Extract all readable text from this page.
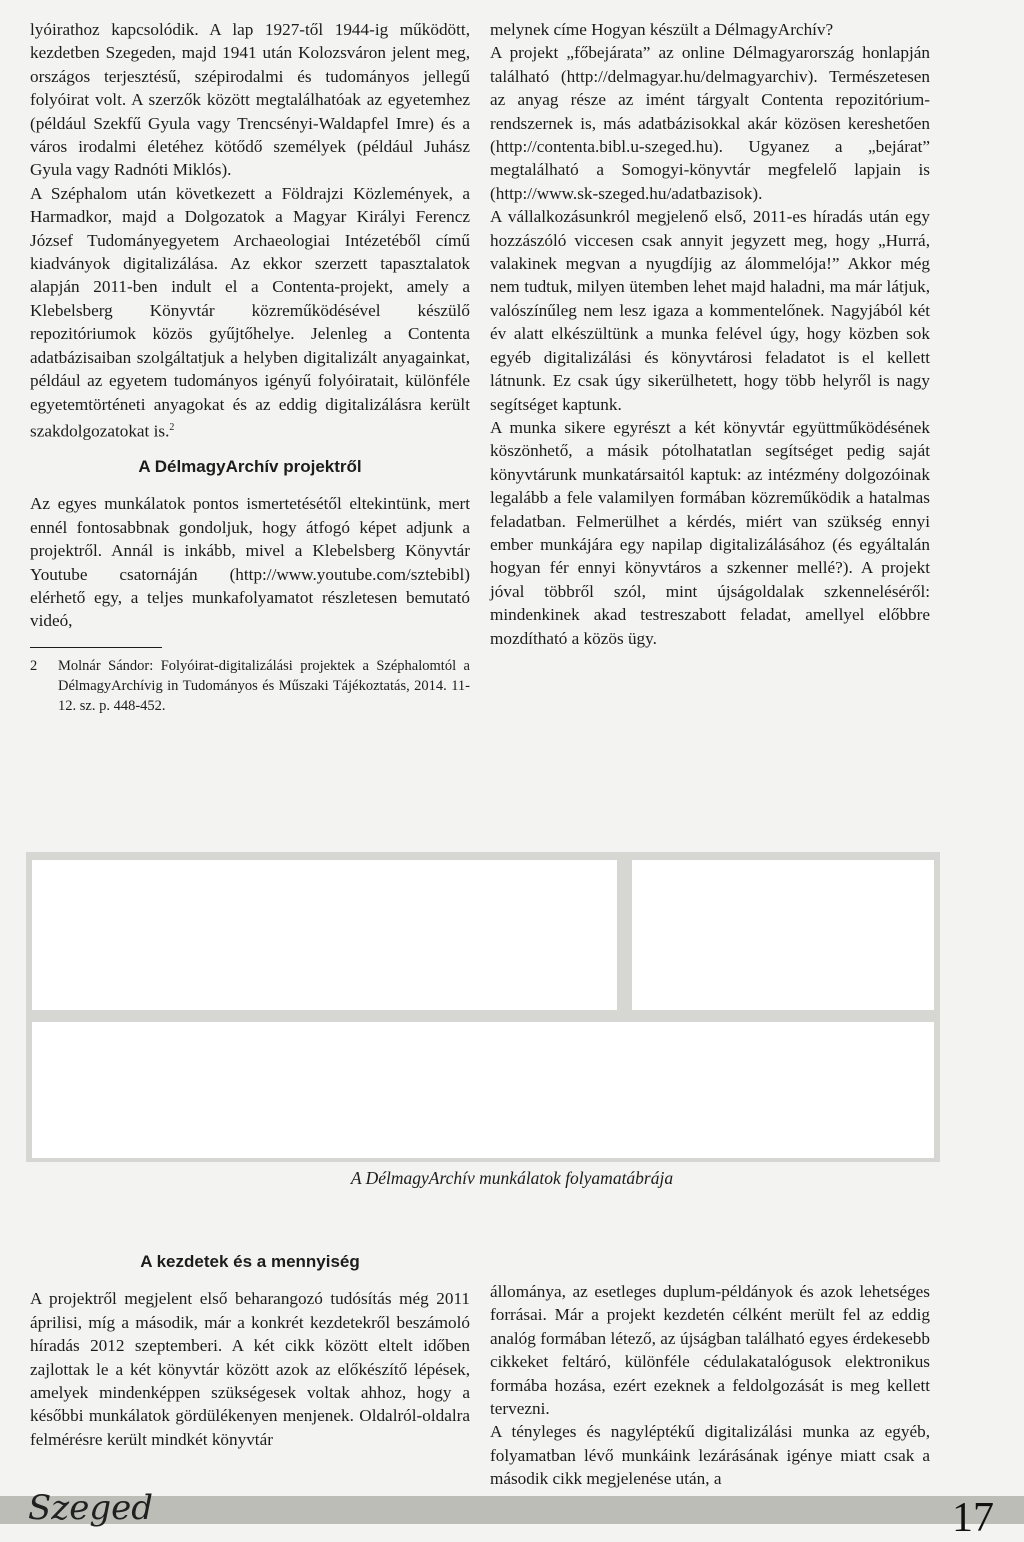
lyóirathoz kapcsolódik. A lap 1927-től 1944-ig működött, kezdetben Szegeden, majd 1941 után Kolozsváron jelent meg, országos terjesztésű, szépirodalmi és tudományos jellegű folyóirat volt. A szerzők között megtalálhatóak az egyetemhez (például Szekfű Gyula vagy Trencsényi-Waldapfel Imre) és a város irodalmi életéhez kötődő személyek (például Juhász Gyula vagy Radnóti Miklós).

A Széphalom után következett a Földrajzi Közlemények, a Harmadkor, majd a Dolgozatok a Magyar Királyi Ferencz József Tudományegyetem Archaeologiai Intézetéből című kiadványok digitalizálása. Az ekkor szerzett tapasztalatok alapján 2011-ben indult el a Contenta-projekt, amely a Klebelsberg Könyvtár közreműködésével készülő repozitóriumok közös gyűjtőhelye. Jelenleg a Contenta adatbázisaiban szolgáltatjuk a helyben digitalizált anyagainkat, például az egyetem tudományos igényű folyóiratait, különféle egyetemtörténeti anyagokat és az eddig digitalizálásra került szakdolgozatokat is.$^2$

A DélmagyArchív projektről

Az egyes munkálatok pontos ismertetésétől eltekintünk, mert ennél fontosabbnak gondoljuk, hogy átfogó képet adjunk a projektről. Annál is inkább, mivel a Klebelsberg Könyvtár Youtube csatornáján (http://www.youtube.com/sztebibl) elérhető egy, a teljes munkafolyamatot részletesen bemutató videó,

2	Molnár Sándor: Folyóirat-digitalizálási projektek a Széphalomtól a DélmagyArchívig in Tudományos és Műszaki Tájékoztatás, 2014. 11-12. sz. p. 448-452.

melynek címe Hogyan készült a DélmagyArchív?

A projekt „főbejárata” az online Délmagyarország honlapján található (http://delmagyar.hu/delmagyarchiv). Természetesen az anyag része az imént tárgyalt Contenta repozitórium-rendszernek is, más adatbázisokkal akár közösen kereshetően (http://contenta.bibl.u-szeged.hu). Ugyanez a „bejárat” megtalálható a Somogyi-könyvtár megfelelő lapjain is (http://www.sk-szeged.hu/adatbazisok).

A vállalkozásunkról megjelenő első, 2011-es híradás után egy hozzászóló viccesen csak annyit jegyzett meg, hogy „Hurrá, valakinek megvan a nyugdíjig az álommelója!” Akkor még nem tudtuk, milyen ütemben lehet majd haladni, ma már látjuk, valószínűleg nem lesz igaza a kommentelőnek. Nagyjából két év alatt elkészültünk a munka felével úgy, hogy közben sok egyéb digitalizálási és könyvtárosi feladatot is el kellett látnunk. Ez csak úgy sikerülhetett, hogy több helyről is nagy segítséget kaptunk.

A munka sikere egyrészt a két könyvtár együttműködésének köszönhető, a másik pótolhatatlan segítséget pedig saját könyvtárunk munkatársaitól kaptuk: az intézmény dolgozóinak legalább a fele valamilyen formában közreműködik a hatalmas feladatban. Felmerülhet a kérdés, miért van szükség ennyi ember munkájára egy napilap digitalizálásához (és egyáltalán hogyan fér ennyi könyvtáros a szkenner mellé?). A projekt jóval többről szól, mint újságoldalak szkenneléséről: mindenkinek akad testreszabott feladat, amellyel előbbre mozdítható a közös ügy.

A DélmagyArchív munkálatok folyamatábrája

A kezdetek és a mennyiség

A projektről megjelent első beharangozó tudósítás még 2011 áprilisi, míg a második, már a konkrét kezdetekről beszámoló híradás 2012 szeptemberi. A két cikk között eltelt időben zajlottak le a két könyvtár között azok az előkészítő lépések, amelyek mindenképpen szükségesek voltak ahhoz, hogy a későbbi munkálatok gördülékenyen menjenek. Oldalról-oldalra felmérésre került mindkét könyvtár

állománya, az esetleges duplum-példányok és azok lehetséges forrásai. Már a projekt kezdetén célként merült fel az eddig analóg formában létező, az újságban található egyes érdekesebb cikkeket feltáró, különféle cédulakatalógusok elektronikus formába hozása, ezért ezeknek a feldolgozását is meg kellett tervezni.

A tényleges és nagyléptékű digitalizálási munka az egyéb, folyamatban lévő munkáink lezárásának igénye miatt csak a második cikk megjelenése után, a

Szeged	17
